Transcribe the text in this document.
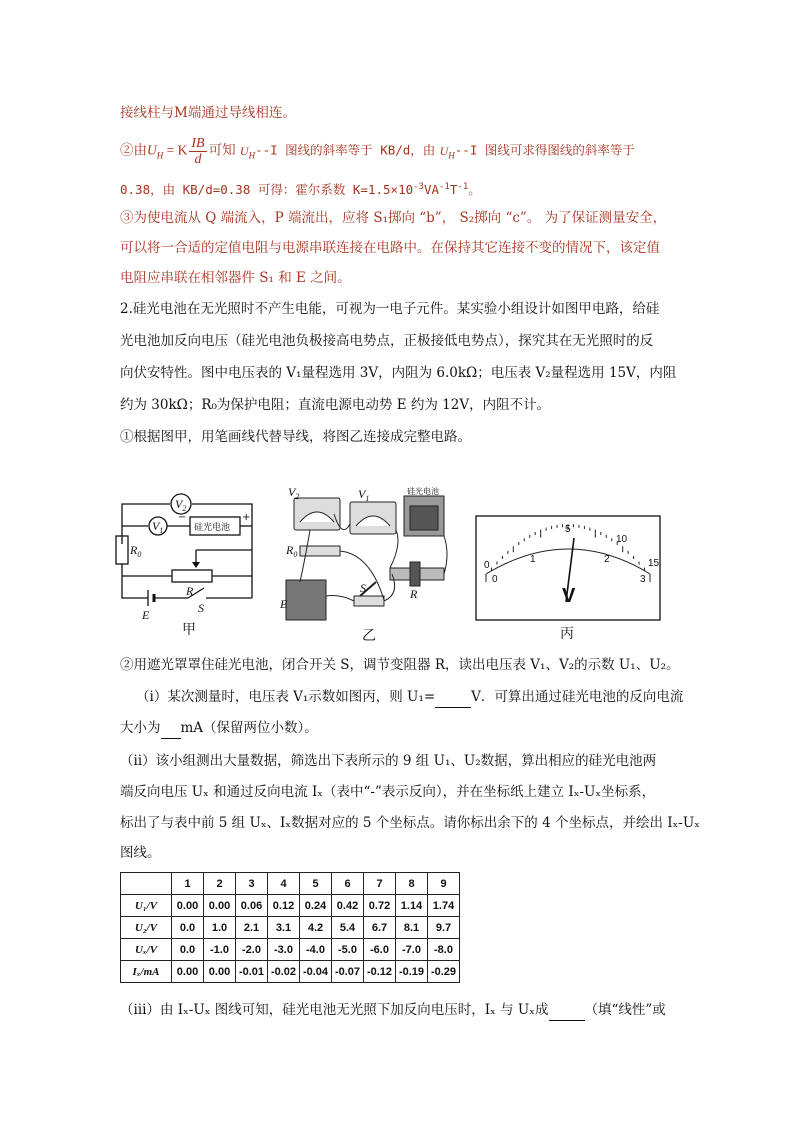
接线柱与M端通过导线相连。
②由$U_H = K \frac{IB}{d}$ 可知 $U_H--I$ 图线的斜率等于 KB/d，由 $U_H--I$ 图线可求得图线的斜率等于
0.38，由 KB/d=0.38 可得：霍尔系数 $K=1.5\times 10^{-3}VA^{-1}T^{-1}$。
③为使电流从 Q 端流入，P 端流出，应将 S₁掷向 “b”， S₂掷向 “c”。 为了保证测量安全，
可以将一合适的定值电阻与电源串联连接在电路中。在保持其它连接不变的情况下，该定值
电阻应串联在相邻器件 S₁ 和 E 之间。
2.硅光电池在无光照时不产生电能，可视为一电子元件。某实验小组设计如图甲电路，给硅
光电池加反向电压（硅光电池负极接高电势点，正极接低电势点），探究其在无光照时的反
向伏安特性。图中电压表的 V₁量程选用 3V，内阻为 6.0kΩ；电压表 V₂量程选用 15V，内阻
约为 30kΩ；R₀为保护电阻；直流电源电动势 E 约为 12V，内阻不计。
①根据图甲，用笔画线代替导线，将图乙连接成完整电路。
$V_2$
$V_1$
$R_0$
R
E	S
硅光电池
+
−
甲
$V_2$	$V_1$
$R_0$
R
E
S
硅光电池
乙
0
5
10
15
0
1	2
3
V
丙
②用遮光罩罩住硅光电池，闭合开关 S，调节变阻器 R，读出电压表 V₁、V₂的示数 U₁、U₂。
（ⅰ）某次测量时，电压表 V₁示数如图丙，则 U₁=	V．可算出通过硅光电池的反向电流
大小为 mA（保留两位小数）。
（ⅱ）该小组测出大量数据，筛选出下表所示的 9 组 U₁、U₂数据，算出相应的硅光电池两
端反向电压 Uₓ 和通过反向电流 Iₓ（表中“-”表示反向），并在坐标纸上建立 Iₓ-Uₓ坐标系，
标出了与表中前 5 组 Uₓ、Iₓ数据对应的 5 个坐标点。请你标出余下的 4 个坐标点，并绘出 Iₓ-Uₓ
图线。
	1	2	3	4	5	6	7	8	9
U₁/V	0.00	0.00	0.06	0.12	0.24	0.42	0.72	1.14	1.74
U₂/V	0.0	1.0	2.1	3.1	4.2	5.4	6.7	8.1	9.7
Uₓ/V	0.0	-1.0	-2.0	-3.0	-4.0	-5.0	-6.0	-7.0	-8.0
Iₓ/mA	0.00	0.00	-0.01	-0.02	-0.04	-0.07	-0.12	-0.19	-0.29
（ⅲ）由 Iₓ-Uₓ 图线可知，硅光电池无光照下加反向电压时，Iₓ 与 Uₓ成	（填“线性”或
